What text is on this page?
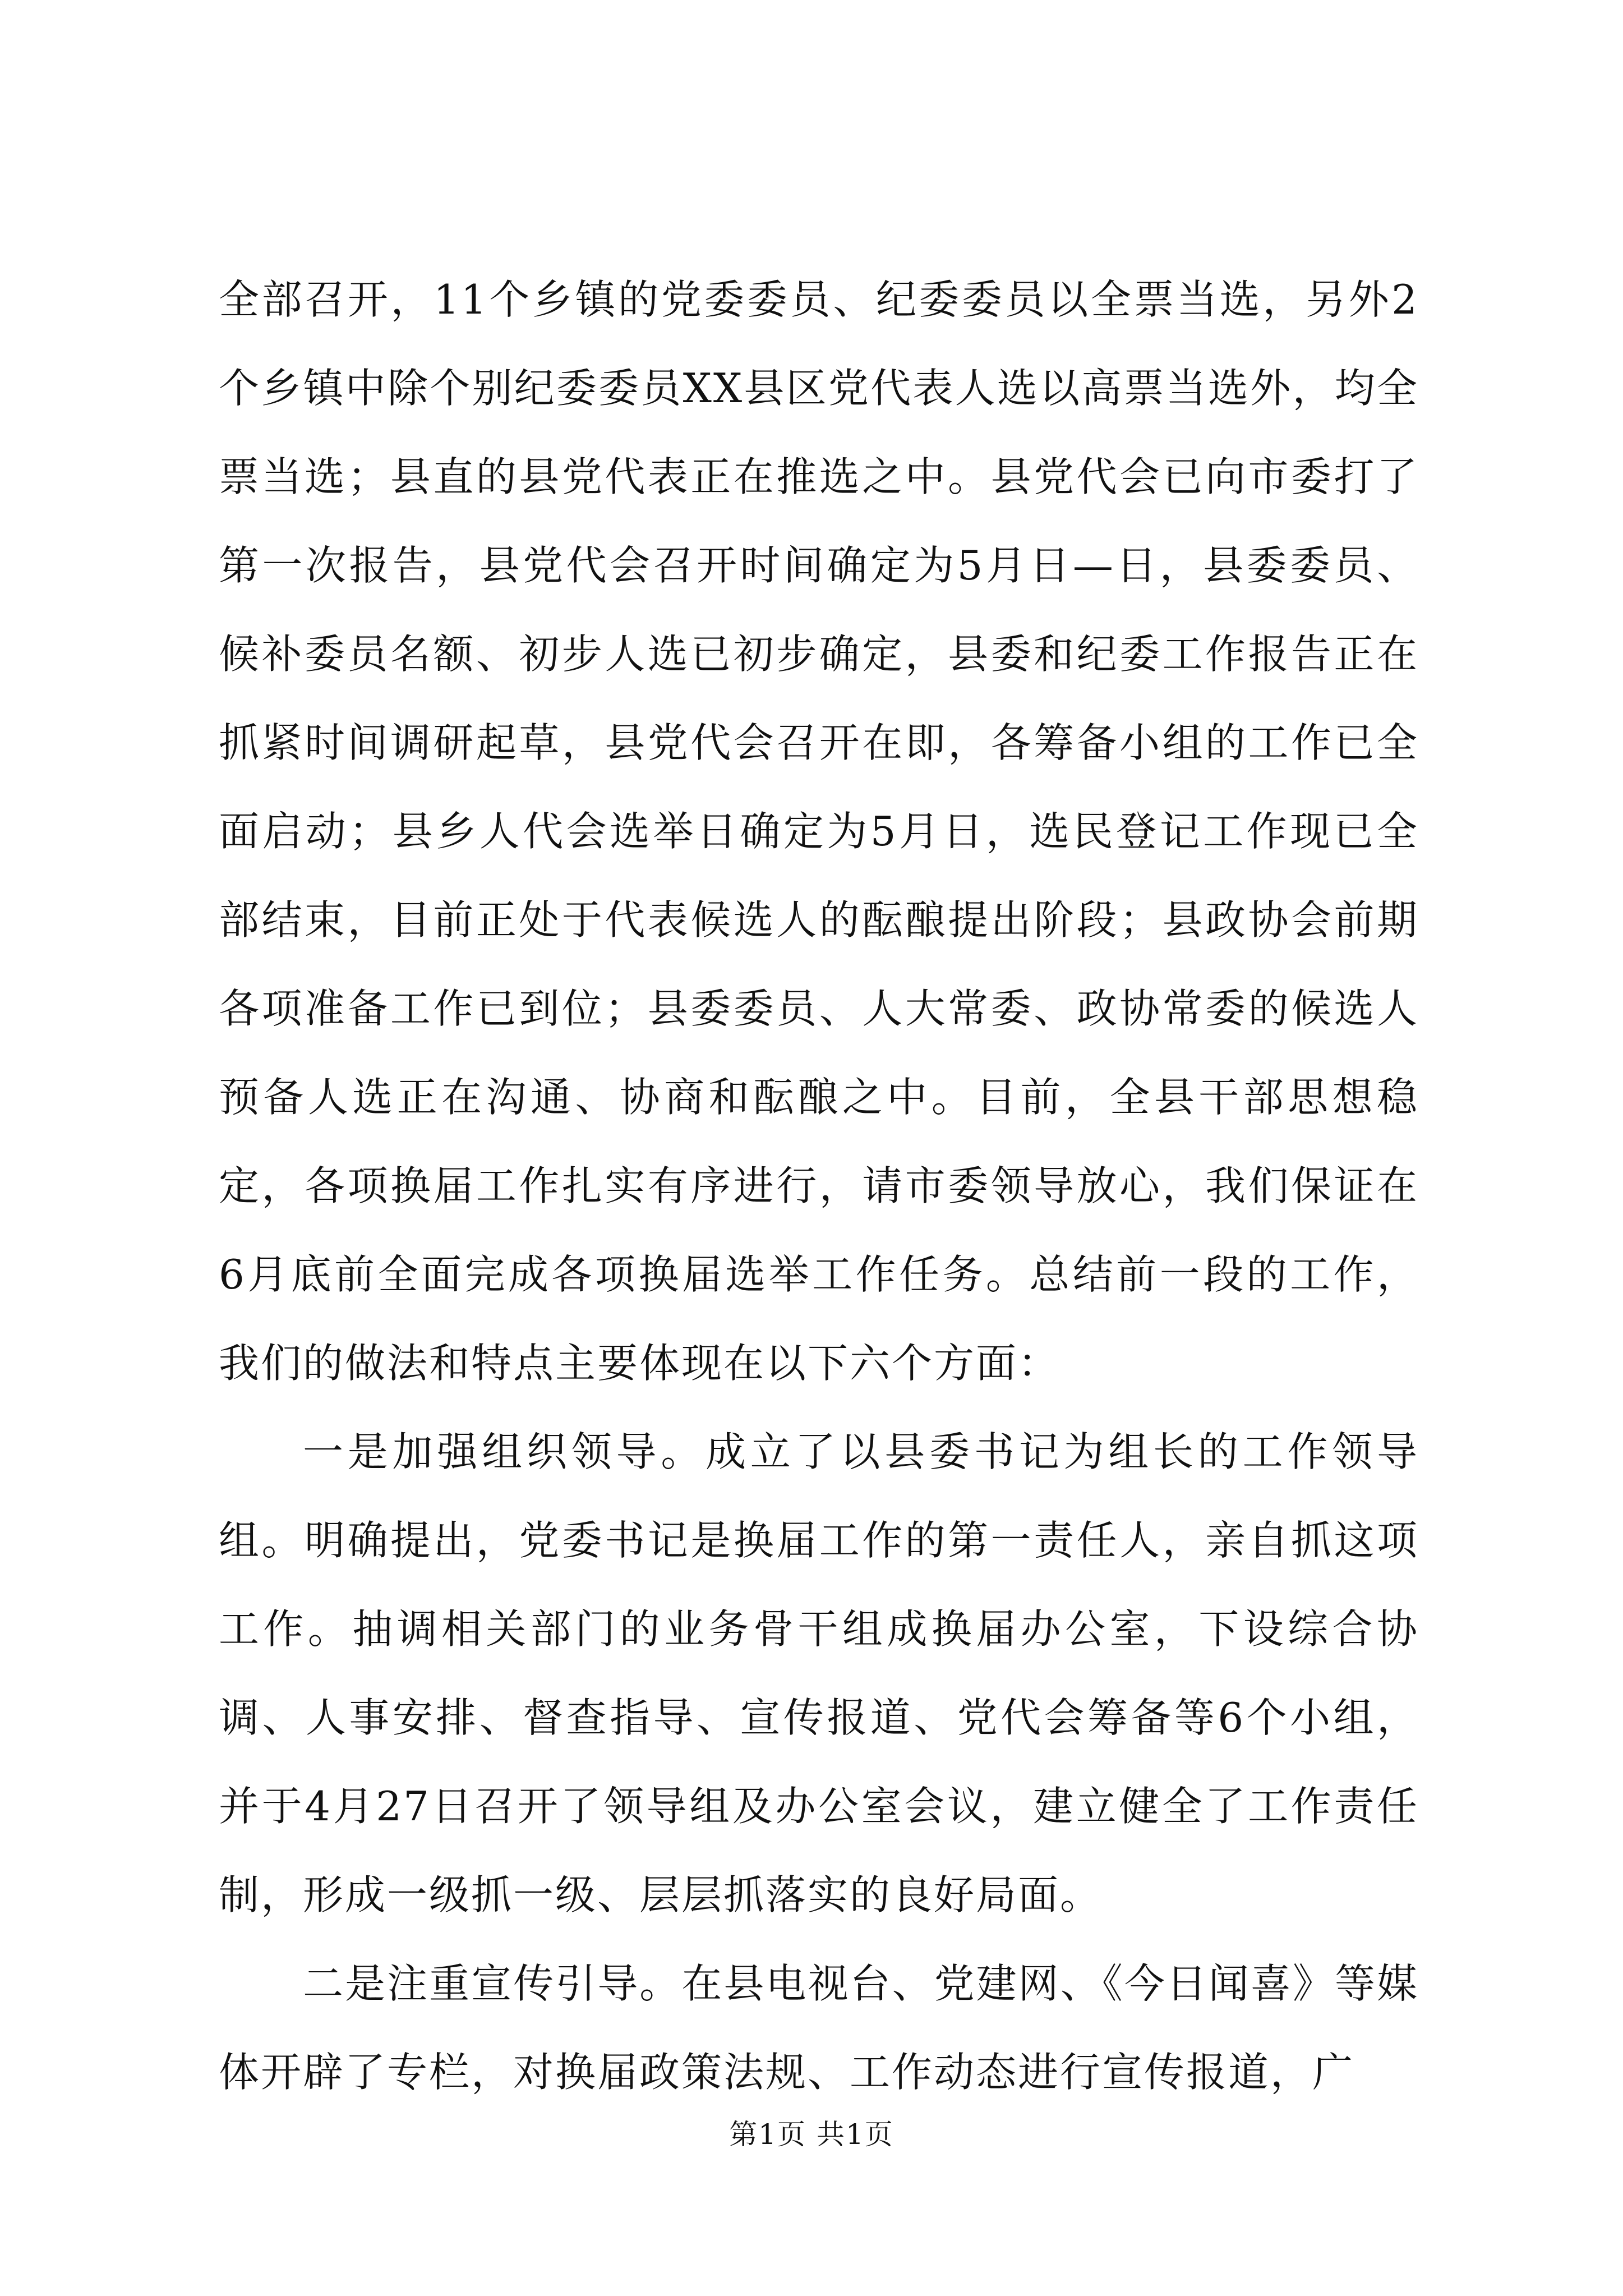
全部召开，11个乡镇的党委委员、纪委委员以全票当选，另外2个乡镇中除个别纪委委员XX县区党代表人选以高票当选外，均全票当选；县直的县党代表正在推选之中。县党代会已向市委打了第一次报告，县党代会召开时间确定为5月日—日，县委委员、候补委员名额、初步人选已初步确定，县委和纪委工作报告正在抓紧时间调研起草，县党代会召开在即，各筹备小组的工作已全面启动；县乡人代会选举日确定为5月日，选民登记工作现已全部结束，目前正处于代表候选人的酝酿提出阶段；县政协会前期各项准备工作已到位；县委委员、人大常委、政协常委的候选人预备人选正在沟通、协商和酝酿之中。目前，全县干部思想稳定，各项换届工作扎实有序进行，请市委领导放心，我们保证在6月底前全面完成各项换届选举工作任务。总结前一段的工作，我们的做法和特点主要体现在以下六个方面：

一是加强组织领导。成立了以县委书记为组长的工作领导组。明确提出，党委书记是换届工作的第一责任人，亲自抓这项工作。抽调相关部门的业务骨干组成换届办公室，下设综合协调、人事安排、督查指导、宣传报道、党代会筹备等6个小组，并于4月27日召开了领导组及办公室会议，建立健全了工作责任制，形成一级抓一级、层层抓落实的良好局面。

二是注重宣传引导。在县电视台、党建网、《今日闻喜》等媒体开辟了专栏，对换届政策法规、工作动态进行宣传报道，广

第1页 共1页
